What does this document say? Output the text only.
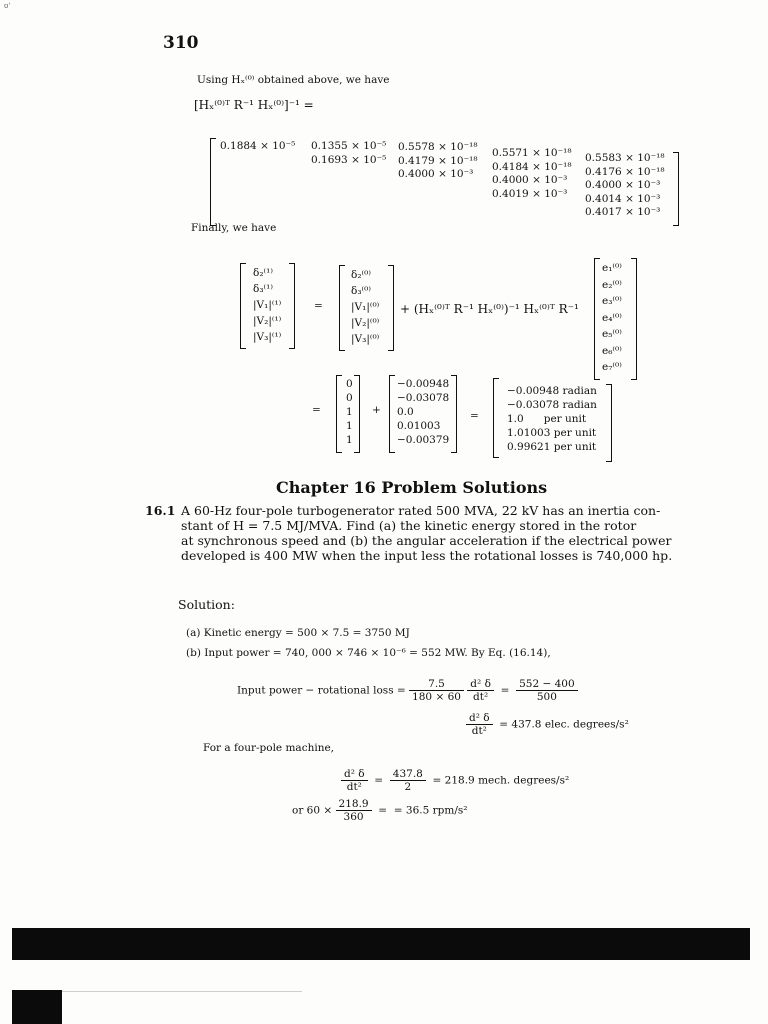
ʊ'
310
Using Hₓ⁽⁰⁾ obtained above, we have
[Hₓ⁽⁰⁾ᵀ R⁻¹ Hₓ⁽⁰⁾]⁻¹ =
0.1884 × 10⁻⁵ 0.1355 × 10⁻⁵
0.1693 × 10⁻⁵
0.5578 × 10⁻¹⁸
0.4179 × 10⁻¹⁸
0.4000 × 10⁻³
0.5571 × 10⁻¹⁸
0.4184 × 10⁻¹⁸
0.4000 × 10⁻³
0.4019 × 10⁻³
0.5583 × 10⁻¹⁸
0.4176 × 10⁻¹⁸
0.4000 × 10⁻³
0.4014 × 10⁻³
0.4017 × 10⁻³
Finally, we have
δ₂⁽¹⁾
δ₃⁽¹⁾
|V₁|⁽¹⁾
|V₂|⁽¹⁾
|V₃|⁽¹⁾
=
δ₂⁽⁰⁾
δ₃⁽⁰⁾
|V₁|⁽⁰⁾
|V₂|⁽⁰⁾
|V₃|⁽⁰⁾
+ (Hₓ⁽⁰⁾ᵀ R⁻¹ Hₓ⁽⁰⁾)⁻¹ Hₓ⁽⁰⁾ᵀ R⁻¹
e₁⁽⁰⁾
e₂⁽⁰⁾
e₃⁽⁰⁾
e₄⁽⁰⁾
e₅⁽⁰⁾
e₆⁽⁰⁾
e₇⁽⁰⁾
=
0
0
1
1
1
+
−0.00948
−0.03078
0.0
0.01003
−0.00379
=
−0.00948 radian
−0.03078 radian
1.0      per unit
1.01003 per unit
0.99621 per unit
Chapter 16 Problem Solutions
16.1 A 60-Hz four-pole turbogenerator rated 500 MVA, 22 kV has an inertia con-
stant of H = 7.5 MJ/MVA. Find (a) the kinetic energy stored in the rotor
at synchronous speed and (b) the angular acceleration if the electrical power
developed is 400 MW when the input less the rotational losses is 740,000 hp.
Solution:
(a) Kinetic energy = 500 × 7.5 = 3750 MJ
(b) Input power = 740, 000 × 746 × 10⁻⁶ = 552 MW. By Eq. (16.14),
Input power − rotational loss = $\frac{7.5}{180 \times 60}$
$\frac{\text{d² δ}}{\text{dt²}} = \frac{552 - 400}{500}$
$\frac{\text{d² δ}}{\text{dt²}} = 437.8$ elec. degrees/s²
For a four-pole machine,
$\frac{\text{d² δ}}{\text{dt²}} = \frac{437.8}{2} = 218.9$ mech. degrees/s²
or $60 \times \frac{218.9}{360}$ = = 36.5 rpm/s²
